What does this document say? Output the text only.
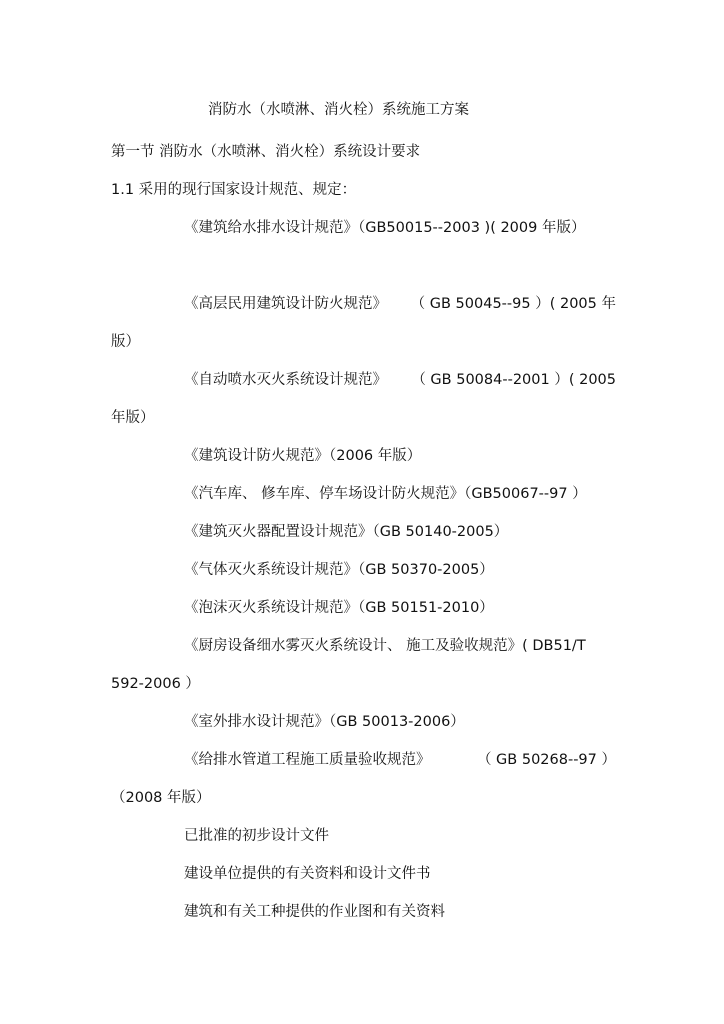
消防水（水喷淋、消火栓）系统施工方案
第一节 消防水（水喷淋、消火栓）系统设计要求
1.1 采用的现行国家设计规范、规定：
《建筑给水排水设计规范》（GB50015--2003 )( 2009 年版）
《高层民用建筑设计防火规范》 （ GB 50045--95 ）( 2005 年
版）
《自动喷水灭火系统设计规范》 （ GB 50084--2001 ）( 2005
年版）
《建筑设计防火规范》（2006 年版）
《汽车库、 修车库、停车场设计防火规范》（GB50067--97 ）
《建筑灭火器配置设计规范》（GB 50140-2005）
《气体灭火系统设计规范》（GB 50370-2005）
《泡沫灭火系统设计规范》（GB 50151-2010）
《厨房设备细水雾灭火系统设计、 施工及验收规范》( DB51/T
592-2006 ）
《室外排水设计规范》（GB 50013-2006）
《给排水管道工程施工质量验收规范》	（ GB 50268--97 ）
（2008 年版）
已批准的初步设计文件
建设单位提供的有关资料和设计文件书
建筑和有关工种提供的作业图和有关资料
